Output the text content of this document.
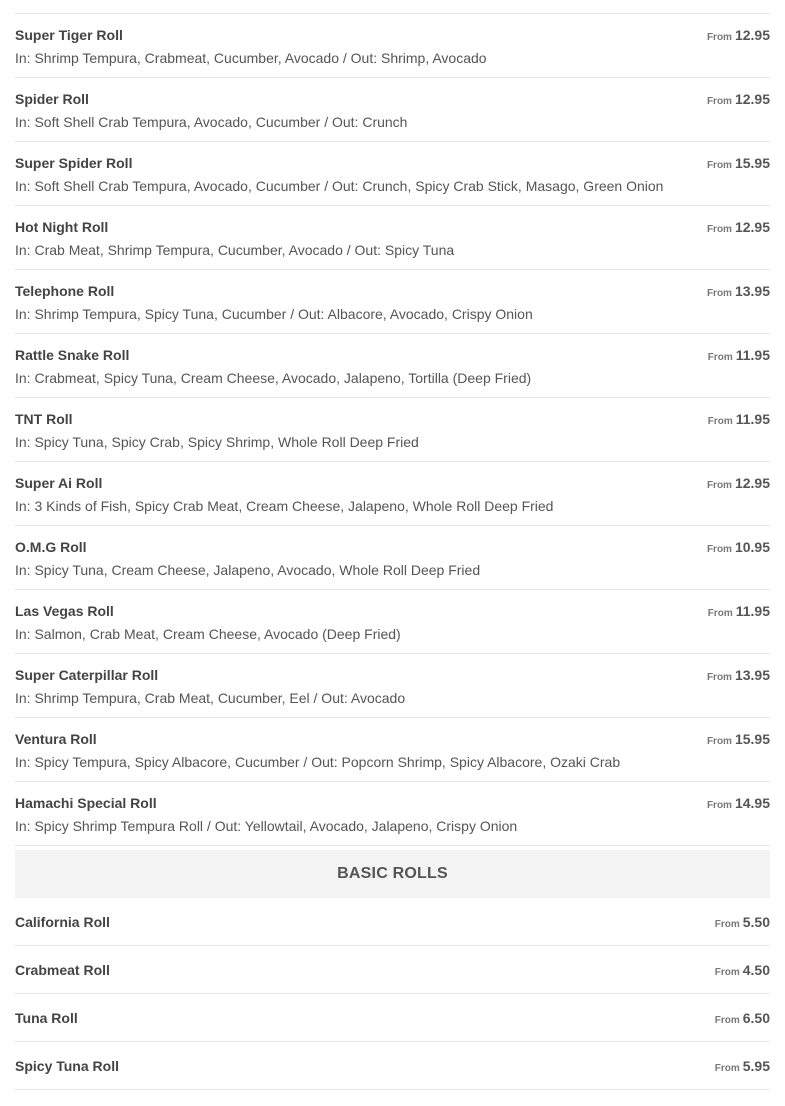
Super Tiger Roll
In: Shrimp Tempura, Crabmeat, Cucumber, Avocado / Out: Shrimp, Avocado
From 12.95
Spider Roll
In: Soft Shell Crab Tempura, Avocado, Cucumber / Out: Crunch
From 12.95
Super Spider Roll
In: Soft Shell Crab Tempura, Avocado, Cucumber / Out: Crunch, Spicy Crab Stick, Masago, Green Onion
From 15.95
Hot Night Roll
In: Crab Meat, Shrimp Tempura, Cucumber, Avocado / Out: Spicy Tuna
From 12.95
Telephone Roll
In: Shrimp Tempura, Spicy Tuna, Cucumber / Out: Albacore, Avocado, Crispy Onion
From 13.95
Rattle Snake Roll
In: Crabmeat, Spicy Tuna, Cream Cheese, Avocado, Jalapeno, Tortilla (Deep Fried)
From 11.95
TNT Roll
In: Spicy Tuna, Spicy Crab, Spicy Shrimp, Whole Roll Deep Fried
From 11.95
Super Ai Roll
In: 3 Kinds of Fish, Spicy Crab Meat, Cream Cheese, Jalapeno, Whole Roll Deep Fried
From 12.95
O.M.G Roll
In: Spicy Tuna, Cream Cheese, Jalapeno, Avocado, Whole Roll Deep Fried
From 10.95
Las Vegas Roll
In: Salmon, Crab Meat, Cream Cheese, Avocado (Deep Fried)
From 11.95
Super Caterpillar Roll
In: Shrimp Tempura, Crab Meat, Cucumber, Eel / Out: Avocado
From 13.95
Ventura Roll
In: Spicy Tempura, Spicy Albacore, Cucumber / Out: Popcorn Shrimp, Spicy Albacore, Ozaki Crab
From 15.95
Hamachi Special Roll
In: Spicy Shrimp Tempura Roll / Out: Yellowtail, Avocado, Jalapeno, Crispy Onion
From 14.95
BASIC ROLLS
California Roll	From 5.50
Crabmeat Roll	From 4.50
Tuna Roll	From 6.50
Spicy Tuna Roll	From 5.95
